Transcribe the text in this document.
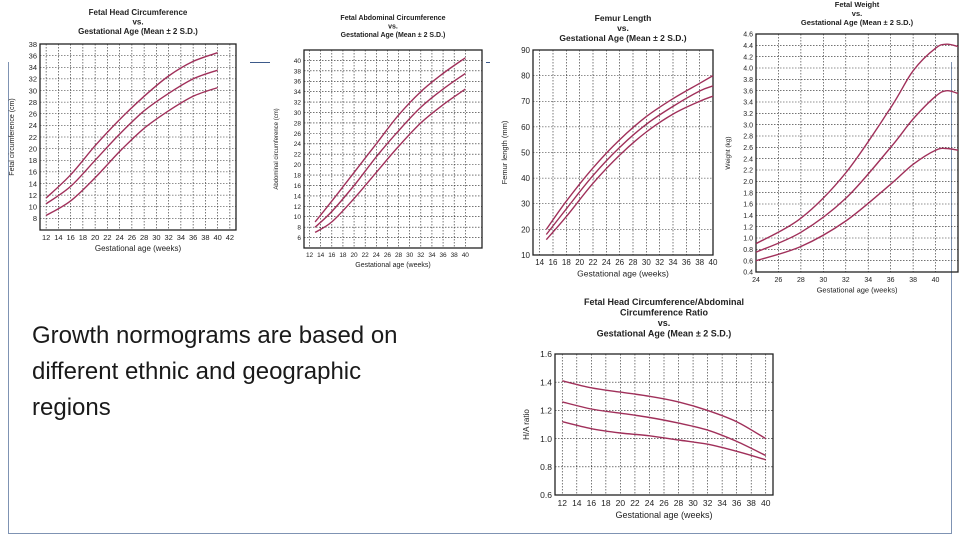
Fetal Head Circumference
vs.
Gestational Age (Mean ± 2 S.D.)
12 14 16 18 20 22 24 26 28 30 32 34 36 38 40 42
8
10
12
14
16
18
20
22
24
26
28
30
32
34
36
38
Gestational age (weeks)
Fetal circumference (cm)
Fetal Abdominal Circumference
vs.
Gestational Age (Mean ± 2 S.D.)
12 14 16 18 20 22 24 26 28 30 32 34 36 38 40
6
8
10
12
14
16
18
20
22
24
26
28
30
32
34
36
38
40
Gestational age (weeks)
Abdominal circumference (cm)
Femur Length
vs.
Gestational Age (Mean ± 2 S.D.)
14 16 18 20 22 24 26 28 30 32 34 36 38 40
10
20
30
40
50
60
70
80
90
Gestational age (weeks)
Femur length (mm)
Fetal Weight
vs.
Gestational Age (Mean ± 2 S.D.)
24 26 28 30 32 34 36 38 40
0.4
0.6
0.8
1.0
1.2
1.4
1.6
1.8
2.0
2.2
2.4
2.6
2.8
3.0
3.2
3.4
3.6
3.8
4.0
4.2
4.4
4.6
Gestational age (weeks)
Weight (kg)
Fetal Head Circumference/Abdominal
Circumference Ratio
vs.
Gestational Age (Mean ± 2 S.D.)
12 14 16 18 20 22 24 26 28 30 32 34 36 38 40
0.6
0.8
1.0
1.2
1.4
1.6
Gestational age (weeks)
H/A ratio
Growth normograms are based on
different ethnic and geographic
regions
